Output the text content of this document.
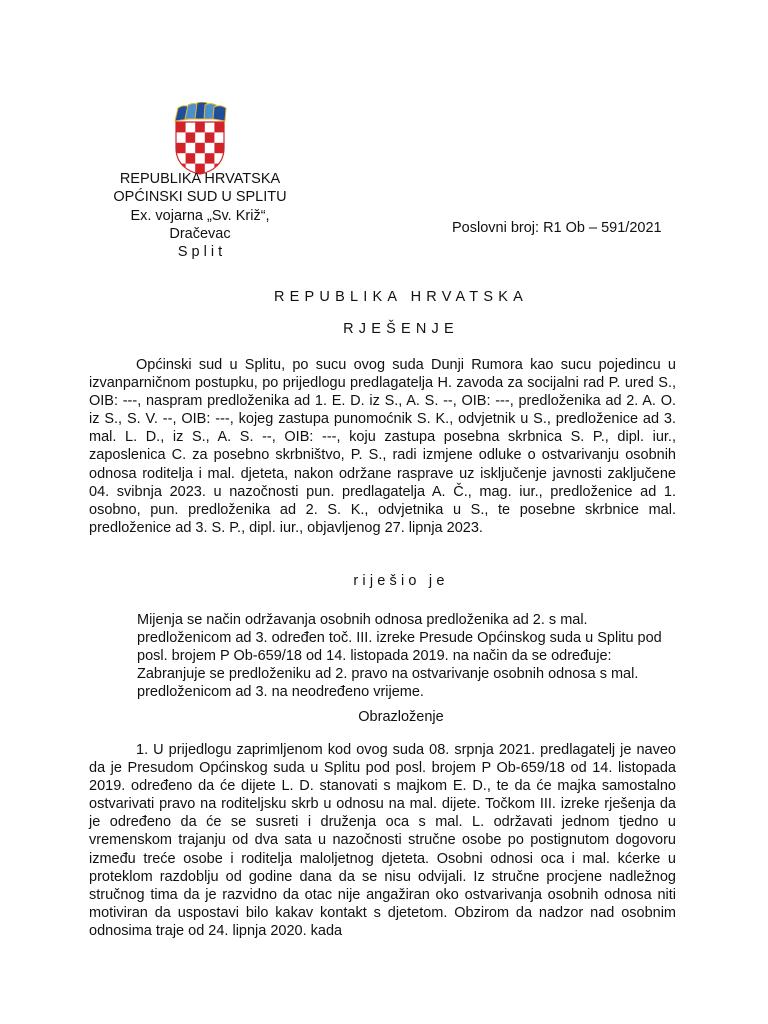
REPUBLIKA HRVATSKA
OPĆINSKI SUD U SPLITU
Ex. vojarna „Sv. Križ“,
Dračevac
S p l i t
Poslovni broj: R1 Ob – 591/2021
REPUBLIKA HRVATSKA
RJEŠENJE
Općinski sud u Splitu, po sucu ovog suda Dunji Rumora kao sucu pojedincu u izvanparničnom postupku, po prijedlogu predlagatelja H. zavoda za socijalni rad P. ured S., OIB: ---, naspram predloženika ad 1. E. D. iz S., A. S. --, OIB: ---, predloženika ad 2. A. O. iz S., S. V. --, OIB: ---, kojeg zastupa punomoćnik S. K., odvjetnik u S., predloženice ad 3. mal. L. D., iz S., A. S. --, OIB: ---, koju zastupa posebna skrbnica S. P., dipl. iur., zaposlenica C. za posebno skrbništvo, P. S., radi izmjene odluke o ostvarivanju osobnih odnosa roditelja i mal. djeteta, nakon održane rasprave uz isključenje javnosti zaključene 04. svibnja 2023. u nazočnosti pun. predlagatelja A. Č., mag. iur., predloženice ad 1. osobno, pun. predloženika ad 2. S. K., odvjetnika u S., te posebne skrbnice mal. predloženice ad 3. S. P., dipl. iur., objavljenog 27. lipnja 2023.
riješio je
Mijenja se način održavanja osobnih odnosa predloženika ad 2. s mal. predloženicom ad 3. određen toč. III. izreke Presude Općinskog suda u Splitu pod posl. brojem P Ob-659/18 od 14. listopada 2019. na način da se određuje: Zabranjuje se predloženiku ad 2. pravo na ostvarivanje osobnih odnosa s mal. predloženicom ad 3. na neodređeno vrijeme.
Obrazloženje
1. U prijedlogu zaprimljenom kod ovog suda 08. srpnja 2021. predlagatelj je naveo da je Presudom Općinskog suda u Splitu pod posl. brojem P Ob-659/18 od 14. listopada 2019. određeno da će dijete L. D. stanovati s majkom E. D., te da će majka samostalno ostvarivati pravo na roditeljsku skrb u odnosu na mal. dijete. Točkom III. izreke rješenja da je određeno da će se susreti i druženja oca s mal. L. održavati jednom tjedno u vremenskom trajanju od dva sata u nazočnosti stručne osobe po postignutom dogovoru između treće osobe i roditelja maloljetnog djeteta. Osobni odnosi oca i mal. kćerke u proteklom razdoblju od godine dana da se nisu odvijali. Iz stručne procjene nadležnog stručnog tima da je razvidno da otac nije angažiran oko ostvarivanja osobnih odnosa niti motiviran da uspostavi bilo kakav kontakt s djetetom. Obzirom da nadzor nad osobnim odnosima traje od 24. lipnja 2020. kada
